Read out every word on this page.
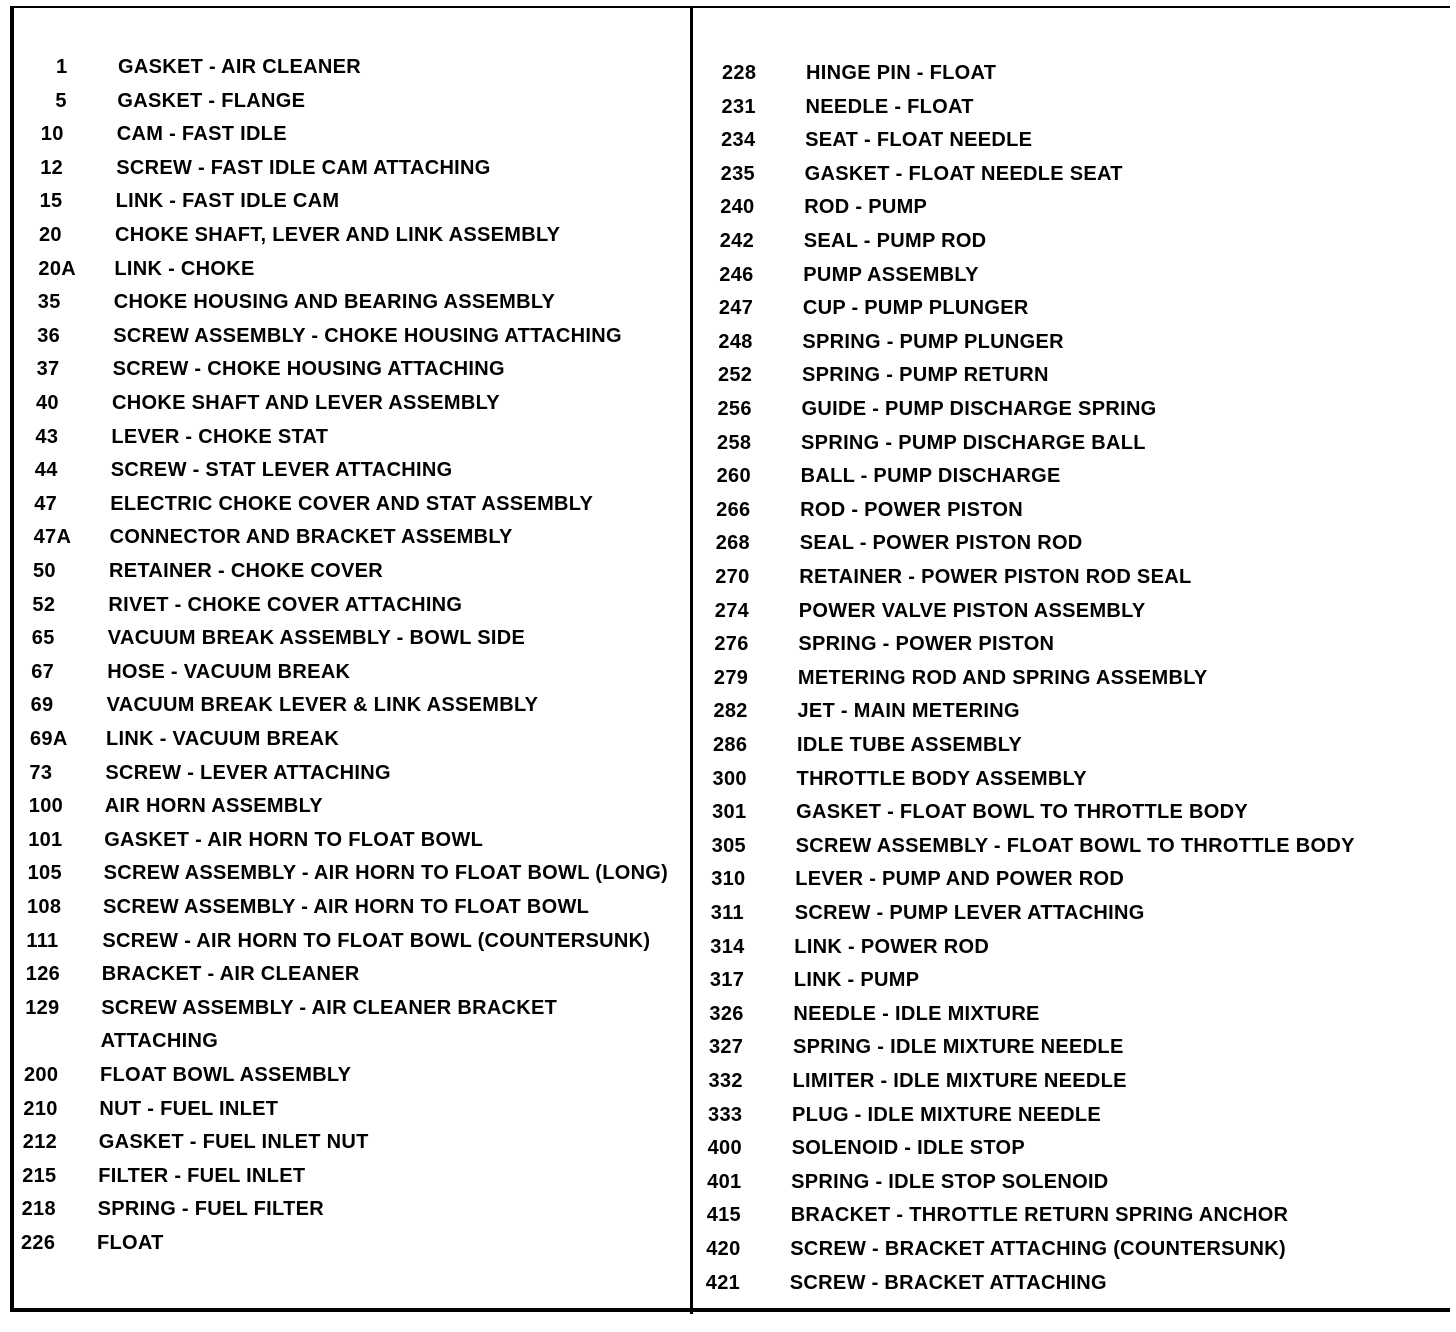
1	GASKET - AIR CLEANER
5	GASKET - FLANGE
10	CAM - FAST IDLE
12	SCREW - FAST IDLE CAM ATTACHING
15	LINK - FAST IDLE CAM
20	CHOKE SHAFT, LEVER AND LINK ASSEMBLY
20A	LINK - CHOKE
35	CHOKE HOUSING AND BEARING ASSEMBLY
36	SCREW ASSEMBLY - CHOKE HOUSING ATTACHING
37	SCREW - CHOKE HOUSING ATTACHING
40	CHOKE SHAFT AND LEVER ASSEMBLY
43	LEVER - CHOKE STAT
44	SCREW - STAT LEVER ATTACHING
47	ELECTRIC CHOKE COVER AND STAT ASSEMBLY
47A	CONNECTOR AND BRACKET ASSEMBLY
50	RETAINER - CHOKE COVER
52	RIVET - CHOKE COVER ATTACHING
65	VACUUM BREAK ASSEMBLY - BOWL SIDE
67	HOSE - VACUUM BREAK
69	VACUUM BREAK LEVER & LINK ASSEMBLY
69A	LINK - VACUUM BREAK
73	SCREW - LEVER ATTACHING
100	AIR HORN ASSEMBLY
101	GASKET - AIR HORN TO FLOAT BOWL
105	SCREW ASSEMBLY - AIR HORN TO FLOAT BOWL (LONG)
108	SCREW ASSEMBLY - AIR HORN TO FLOAT BOWL
111	SCREW - AIR HORN TO FLOAT BOWL (COUNTERSUNK)
126	BRACKET - AIR CLEANER
129	SCREW ASSEMBLY - AIR CLEANER BRACKET
ATTACHING
200	FLOAT BOWL ASSEMBLY
210	NUT - FUEL INLET
212	GASKET - FUEL INLET NUT
215	FILTER - FUEL INLET
218	SPRING - FUEL FILTER
226	FLOAT
228	HINGE PIN - FLOAT
231	NEEDLE - FLOAT
234	SEAT - FLOAT NEEDLE
235	GASKET - FLOAT NEEDLE SEAT
240	ROD - PUMP
242	SEAL - PUMP ROD
246	PUMP ASSEMBLY
247	CUP - PUMP PLUNGER
248	SPRING - PUMP PLUNGER
252	SPRING - PUMP RETURN
256	GUIDE - PUMP DISCHARGE SPRING
258	SPRING - PUMP DISCHARGE BALL
260	BALL - PUMP DISCHARGE
266	ROD - POWER PISTON
268	SEAL - POWER PISTON ROD
270	RETAINER - POWER PISTON ROD SEAL
274	POWER VALVE PISTON ASSEMBLY
276	SPRING - POWER PISTON
279	METERING ROD AND SPRING ASSEMBLY
282	JET - MAIN METERING
286	IDLE TUBE ASSEMBLY
300	THROTTLE BODY ASSEMBLY
301	GASKET - FLOAT BOWL TO THROTTLE BODY
305	SCREW ASSEMBLY - FLOAT BOWL TO THROTTLE BODY
310	LEVER - PUMP AND POWER ROD
311	SCREW - PUMP LEVER ATTACHING
314	LINK - POWER ROD
317	LINK - PUMP
326	NEEDLE - IDLE MIXTURE
327	SPRING - IDLE MIXTURE NEEDLE
332	LIMITER - IDLE MIXTURE NEEDLE
333	PLUG - IDLE MIXTURE NEEDLE
400	SOLENOID - IDLE STOP
401	SPRING - IDLE STOP SOLENOID
415	BRACKET - THROTTLE RETURN SPRING ANCHOR
420	SCREW - BRACKET ATTACHING (COUNTERSUNK)
421	SCREW - BRACKET ATTACHING
